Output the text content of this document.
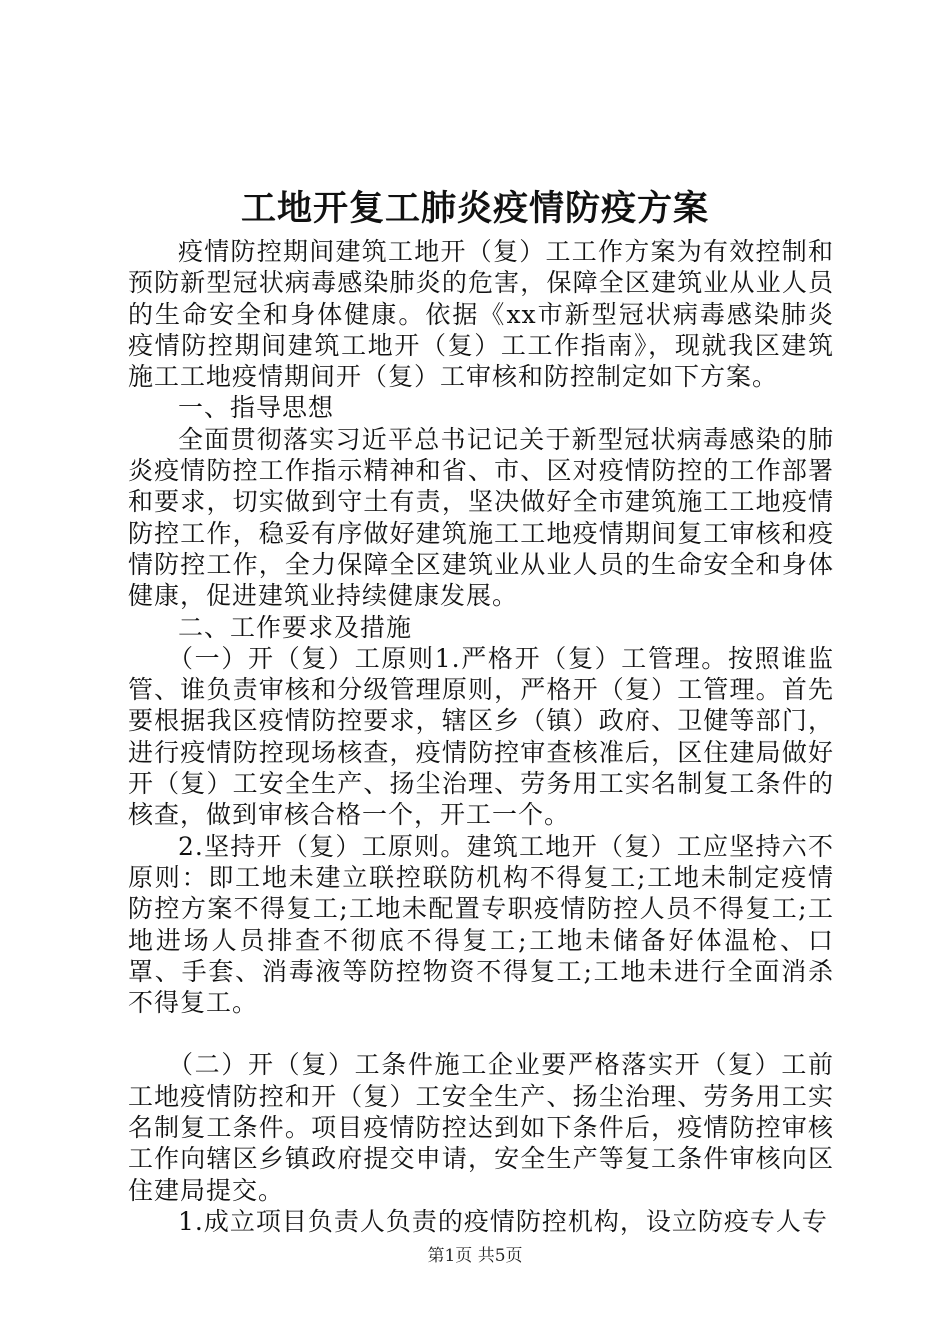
工地开复工肺炎疫情防疫方案

疫情防控期间建筑工地开（复）工工作方案为有效控制和预防新型冠状病毒感染肺炎的危害，保障全区建筑业从业人员的生命安全和身体健康。依据《xx市新型冠状病毒感染肺炎疫情防控期间建筑工地开（复）工工作指南》，现就我区建筑施工工地疫情期间开（复）工审核和防控制定如下方案。

一、指导思想

全面贯彻落实习近平总书记记关于新型冠状病毒感染的肺炎疫情防控工作指示精神和省、市、区对疫情防控的工作部署和要求，切实做到守土有责，坚决做好全市建筑施工工地疫情防控工作，稳妥有序做好建筑施工工地疫情期间复工审核和疫情防控工作，全力保障全区建筑业从业人员的生命安全和身体健康，促进建筑业持续健康发展。

二、工作要求及措施

（一）开（复）工原则1.严格开（复）工管理。按照谁监管、谁负责审核和分级管理原则，严格开（复）工管理。首先要根据我区疫情防控要求，辖区乡（镇）政府、卫健等部门，进行疫情防控现场核查，疫情防控审查核准后，区住建局做好开（复）工安全生产、扬尘治理、劳务用工实名制复工条件的核查，做到审核合格一个，开工一个。

2.坚持开（复）工原则。建筑工地开（复）工应坚持六不原则：即工地未建立联控联防机构不得复工;工地未制定疫情防控方案不得复工;工地未配置专职疫情防控人员不得复工;工地进场人员排查不彻底不得复工;工地未储备好体温枪、口罩、手套、消毒液等防控物资不得复工;工地未进行全面消杀不得复工。

（二）开（复）工条件施工企业要严格落实开（复）工前工地疫情防控和开（复）工安全生产、扬尘治理、劳务用工实名制复工条件。项目疫情防控达到如下条件后，疫情防控审核工作向辖区乡镇政府提交申请，安全生产等复工条件审核向区住建局提交。

1.成立项目负责人负责的疫情防控机构，设立防疫专人专

第1页 共5页
